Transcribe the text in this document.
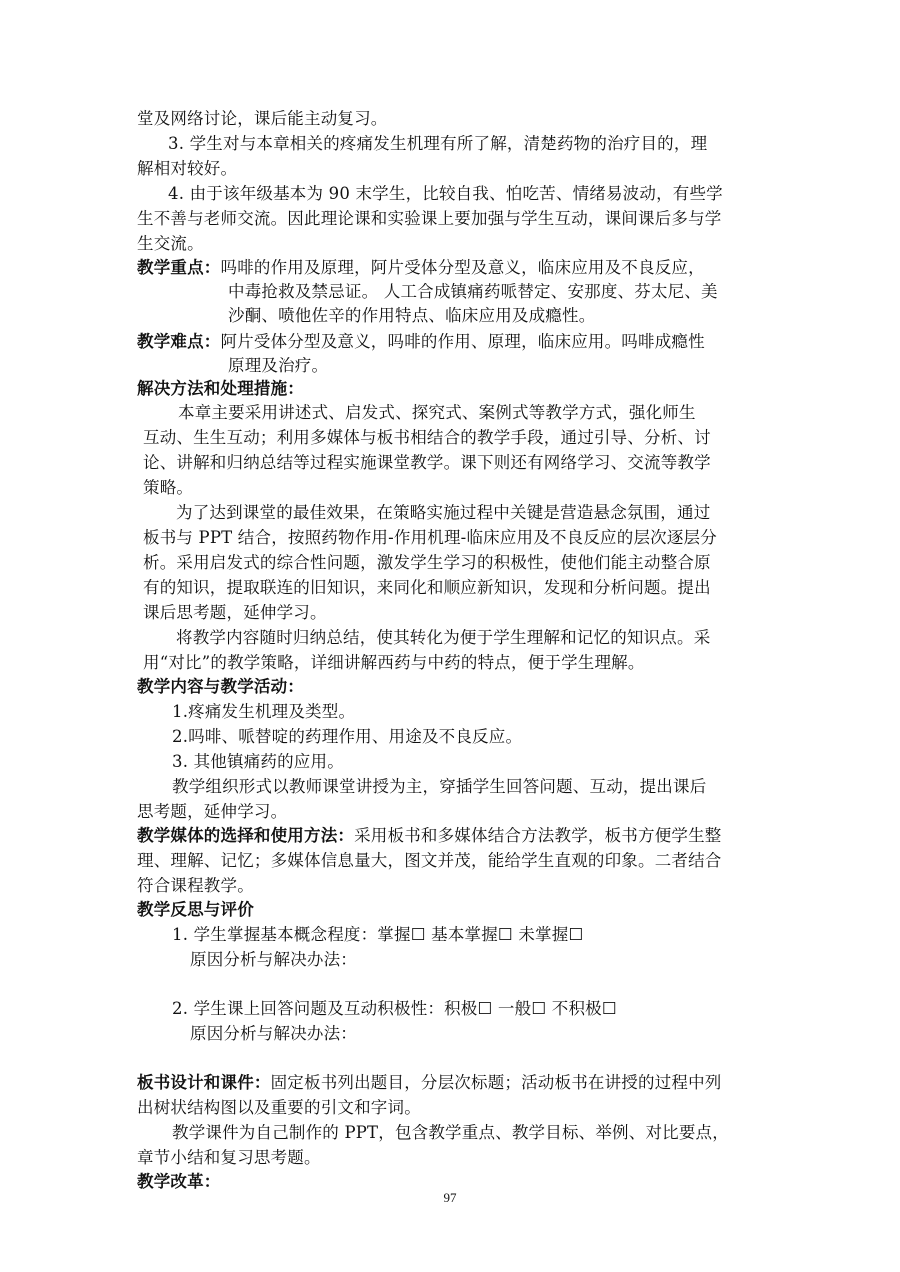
堂及网络讨论，课后能主动复习。
3. 学生对与本章相关的疼痛发生机理有所了解，清楚药物的治疗目的，理
解相对较好。
4. 由于该年级基本为 90 末学生，比较自我、怕吃苦、情绪易波动，有些学
生不善与老师交流。因此理论课和实验课上要加强与学生互动，课间课后多与学
生交流。
教学重点：吗啡的作用及原理，阿片受体分型及意义，临床应用及不良反应，
中毒抢救及禁忌证。 人工合成镇痛药哌替定、安那度、芬太尼、美
沙酮、喷他佐辛的作用特点、临床应用及成瘾性。
教学难点：阿片受体分型及意义，吗啡的作用、原理，临床应用。吗啡成瘾性
原理及治疗。
解决方法和处理措施：
本章主要采用讲述式、启发式、探究式、案例式等教学方式，强化师生
互动、生生互动；利用多媒体与板书相结合的教学手段，通过引导、分析、讨
论、讲解和归纳总结等过程实施课堂教学。课下则还有网络学习、交流等教学
策略。
为了达到课堂的最佳效果，在策略实施过程中关键是营造悬念氛围，通过
板书与 PPT 结合，按照药物作用-作用机理-临床应用及不良反应的层次逐层分
析。采用启发式的综合性问题，激发学生学习的积极性，使他们能主动整合原
有的知识，提取联连的旧知识，来同化和顺应新知识，发现和分析问题。提出
课后思考题，延伸学习。
将教学内容随时归纳总结，使其转化为便于学生理解和记忆的知识点。采
用“对比”的教学策略，详细讲解西药与中药的特点，便于学生理解。
教学内容与教学活动：
1.疼痛发生机理及类型。
2.吗啡、哌替啶的药理作用、用途及不良反应。
3. 其他镇痛药的应用。
教学组织形式以教师课堂讲授为主，穿插学生回答问题、互动，提出课后
思考题，延伸学习。
教学媒体的选择和使用方法：采用板书和多媒体结合方法教学，板书方便学生整
理、理解、记忆；多媒体信息量大，图文并茂，能给学生直观的印象。二者结合
符合课程教学。
教学反思与评价
1. 学生掌握基本概念程度：掌握☐ 基本掌握☐ 未掌握☐
原因分析与解决办法：
2. 学生课上回答问题及互动积极性：积极☐ 一般☐ 不积极☐
原因分析与解决办法：
板书设计和课件：固定板书列出题目，分层次标题；活动板书在讲授的过程中列
出树状结构图以及重要的引文和字词。
教学课件为自己制作的 PPT，包含教学重点、教学目标、举例、对比要点，
章节小结和复习思考题。
教学改革：
97
